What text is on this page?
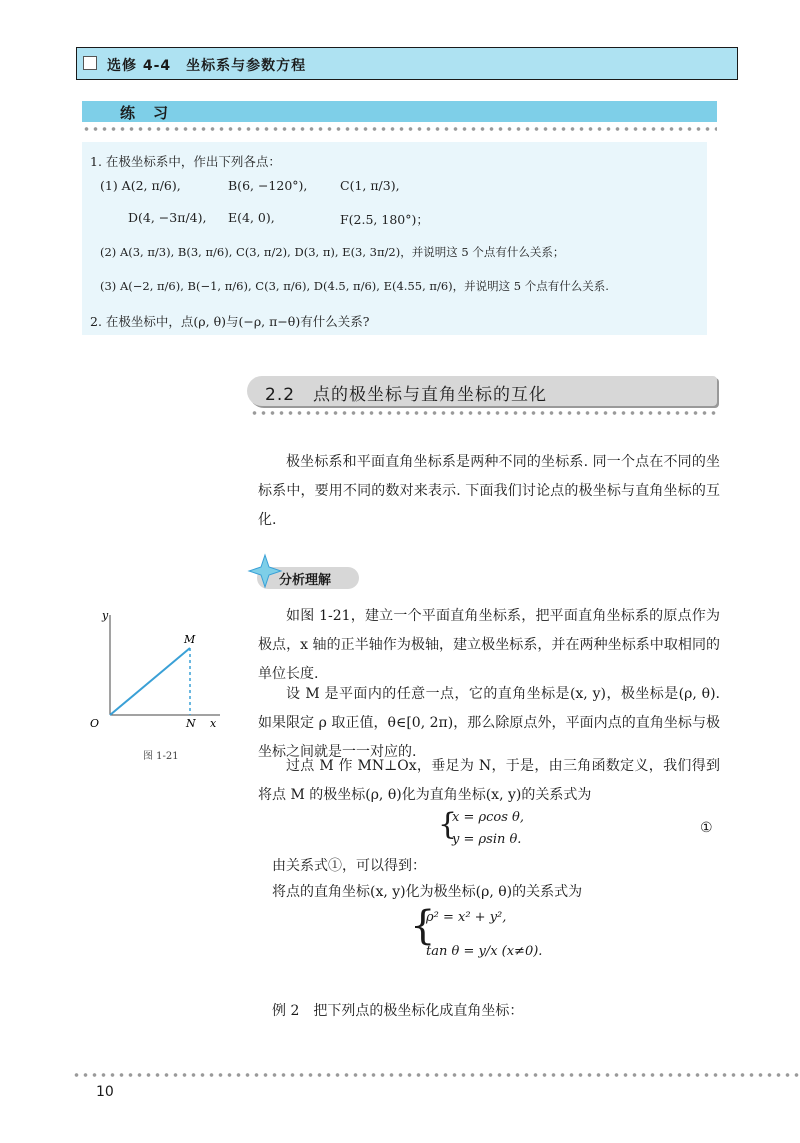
选修 4-4　坐标系与参数方程
练习
1. 在极坐标系中，作出下列各点：
(1) A(2, π/6),	B(6, −120°),	C(1, π/3),
D(4, −3π/4), E(4, 0),	F(2.5, 180°)；
(2) A(3, π/3), B(3, π/6), C(3, π/2), D(3, π), E(3, 3π/2)，并说明这 5 个点有什么关系；
(3) A(−2, π/6), B(−1, π/6), C(3, π/6), D(4.5, π/6), E(4.55, π/6)，并说明这 5 个点有什么关系.
2. 在极坐标中，点(ρ, θ)与(−ρ, π−θ)有什么关系?
2.2　点的极坐标与直角坐标的互化
极坐标系和平面直角坐标系是两种不同的坐标系. 同一个点在不同的坐标系中，要用不同的数对来表示. 下面我们讨论点的极坐标与直角坐标的互化.
分析理解
y
M
O	N x
图 1-21
如图 1-21，建立一个平面直角坐标系，把平面直角坐标系的原点作为极点，x 轴的正半轴作为极轴，建立极坐标系，并在两种坐标系中取相同的单位长度.
设 M 是平面内的任意一点，它的直角坐标是(x, y)，极坐标是(ρ, θ). 如果限定 ρ 取正值，θ∈[0, 2π)，那么除原点外，平面内点的直角坐标与极坐标之间就是一一对应的.
过点 M 作 MN⊥Ox，垂足为 N，于是，由三角函数定义，我们得到将点 M 的极坐标(ρ, θ)化为直角坐标(x, y)的关系式为
{
x = ρcos θ,
y = ρsin θ.
①
由关系式①，可以得到：
将点的直角坐标(x, y)化为极坐标(ρ, θ)的关系式为
{
ρ² = x² + y²,
tan θ = y/x (x≠0).
例 2　把下列点的极坐标化成直角坐标：
10
